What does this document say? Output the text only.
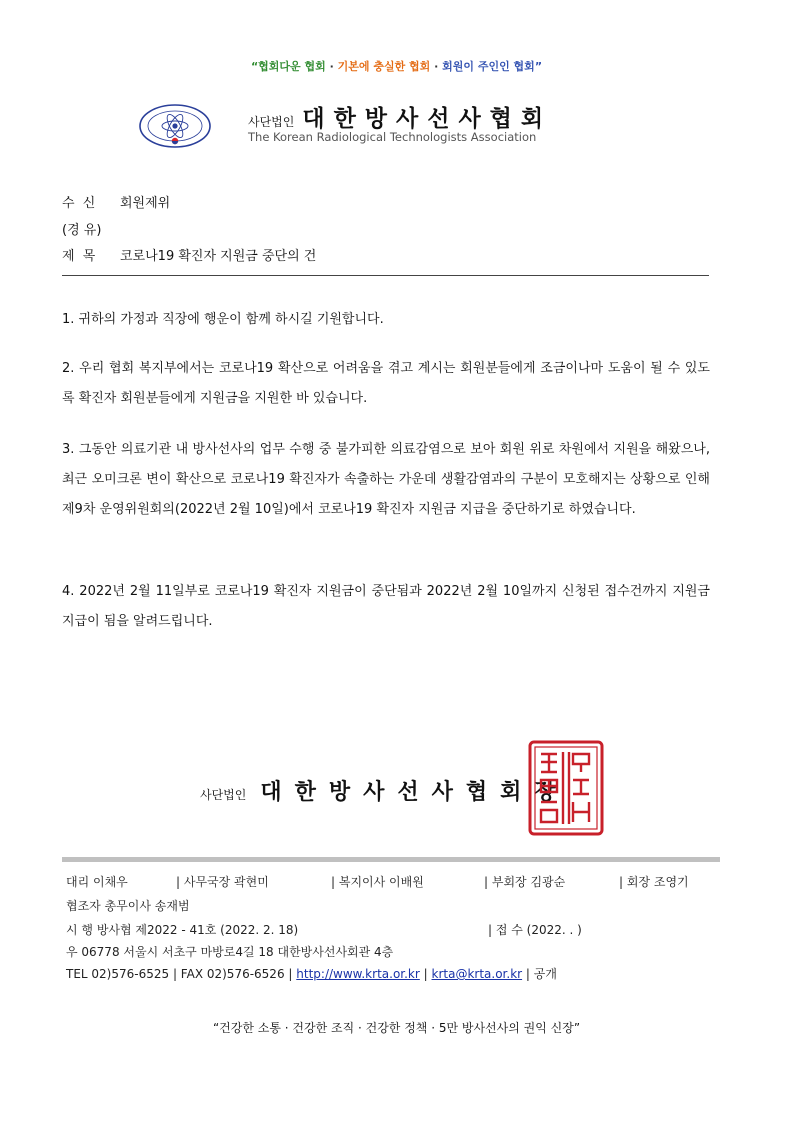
“협회다운 협회 · 기본에 충실한 협회 · 회원이 주인인 협회”
사단법인 대한방사선사협회
The Korean Radiological Technologists Association
수 신 회원제위
(경 유)
제 목 코로나19 확진자 지원금 중단의 건
1. 귀하의 가정과 직장에 행운이 함께 하시길 기원합니다.
2. 우리 협회 복지부에서는 코로나19 확산으로 어려움을 겪고 계시는 회원분들에게 조금이나마 도움이 될 수 있도록 확진자 회원분들에게 지원금을 지원한 바 있습니다.
3. 그동안 의료기관 내 방사선사의 업무 수행 중 불가피한 의료감염으로 보아 회원 위로 차원에서 지원을 해왔으나, 최근 오미크론 변이 확산으로 코로나19 확진자가 속출하는 가운데 생활감염과의 구분이 모호해지는 상황으로 인해 제9차 운영위원회의(2022년 2월 10일)에서 코로나19 확진자 지원금 지급을 중단하기로 하였습니다.
4. 2022년 2월 11일부로 코로나19 확진자 지원금이 중단됨과 2022년 2월 10일까지 신청된 접수건까지 지원금 지급이 됨을 알려드립니다.
사단법인 대한방사선사협회장
대리 이채우	| 사무국장 곽현미	| 복지이사 이배원	| 부회장 김광순	| 회장 조영기
협조자 총무이사 송재범
시 행 방사협 제2022 - 41호 (2022. 2. 18)	| 접 수 (2022. . )
우 06778 서울시 서초구 마방로4길 18 대한방사선사회관 4층
TEL 02)576-6525 | FAX 02)576-6526 | http://www.krta.or.kr | krta@krta.or.kr | 공개
“건강한 소통 · 건강한 조직 · 건강한 정책 · 5만 방사선사의 권익 신장”
